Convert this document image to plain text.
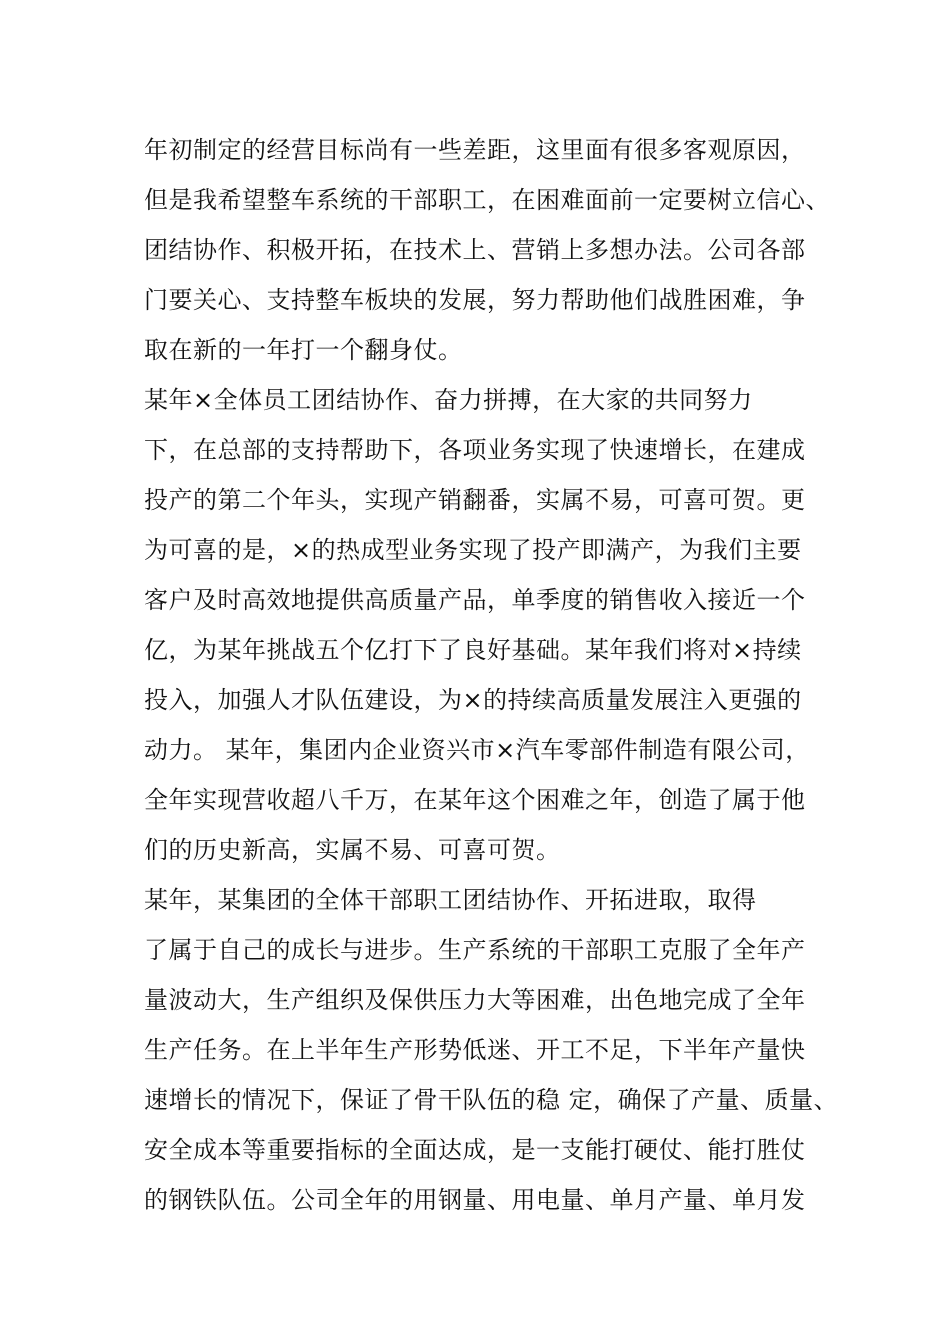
年初制定的经营目标尚有一些差距，这里面有很多客观原因，
但是我希望整车系统的干部职工，在困难面前一定要树立信心、
团结协作、积极开拓，在技术上、营销上多想办法。公司各部
门要关心、支持整车板块的发展，努力帮助他们战胜困难，争
取在新的一年打一个翻身仗。
某年×全体员工团结协作、奋力拼搏，在大家的共同努力
下，在总部的支持帮助下，各项业务实现了快速增长，在建成
投产的第二个年头，实现产销翻番，实属不易，可喜可贺。更
为可喜的是，×的热成型业务实现了投产即满产，为我们主要
客户及时高效地提供高质量产品，单季度的销售收入接近一个
亿，为某年挑战五个亿打下了良好基础。某年我们将对×持续
投入，加强人才队伍建设，为×的持续高质量发展注入更强的
动力。 某年，集团内企业资兴市×汽车零部件制造有限公司，
全年实现营收超八千万，在某年这个困难之年，创造了属于他
们的历史新高，实属不易、可喜可贺。
某年，某集团的全体干部职工团结协作、开拓进取，取得
了属于自己的成长与进步。生产系统的干部职工克服了全年产
量波动大，生产组织及保供压力大等困难，出色地完成了全年
生产任务。在上半年生产形势低迷、开工不足，下半年产量快
速增长的情况下，保证了骨干队伍的稳 定，确保了产量、质量、
安全成本等重要指标的全面达成，是一支能打硬仗、能打胜仗
的钢铁队伍。公司全年的用钢量、用电量、单月产量、单月发
